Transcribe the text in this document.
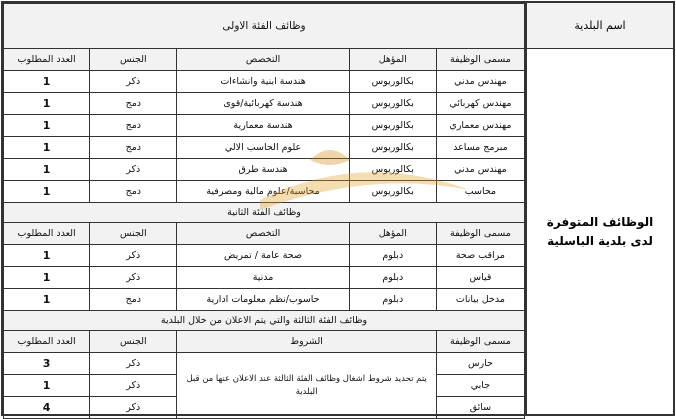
اسم البلدية
الوظائف المتوفرة لدى بلدية الباسلية
وظائف الفئة الاولى				
مسمى الوظيفة	المؤهل	التخصص	الجنس	العدد المطلوب
مهندس مدني	بكالوريوس	هندسة ابنية وانشاءات	ذكر	1
مهندس كهربائي	بكالوريوس	هندسة كهربائية/قوى	دمج	1
مهندس معماري	بكالوريوس	هندسة معمارية	دمج	1
مبرمج مساعد	بكالوريوس	علوم الحاسب الالي	دمج	1
مهندس مدني	بكالوريوس	هندسة طرق	ذكر	1
محاسب	بكالوريوس	محاسبة/علوم مالية ومصرفية	دمج	1
وظائف الفئة الثانية				
مسمى الوظيفة	المؤهل	التخصص	الجنس	العدد المطلوب
مراقب صحة	دبلوم	صحة عامة / تمريض	ذكر	1
قياس	دبلوم	مدنية	ذكر	1
مدخل بيانات	دبلوم	حاسوب/نظم معلومات ادارية	دمج	1
وظائف الفئة الثالثة والتي يتم الاعلان من خلال البلدية				
مسمى الوظيفة	الشروط		الجنس	العدد المطلوب
حارس	يتم تحديد شروط اشغال وظائف الفئة الثالثة عند الاعلان عنها من قبل البلدية		ذكر	3
جابي			ذكر	1
سائق			ذكر	4
